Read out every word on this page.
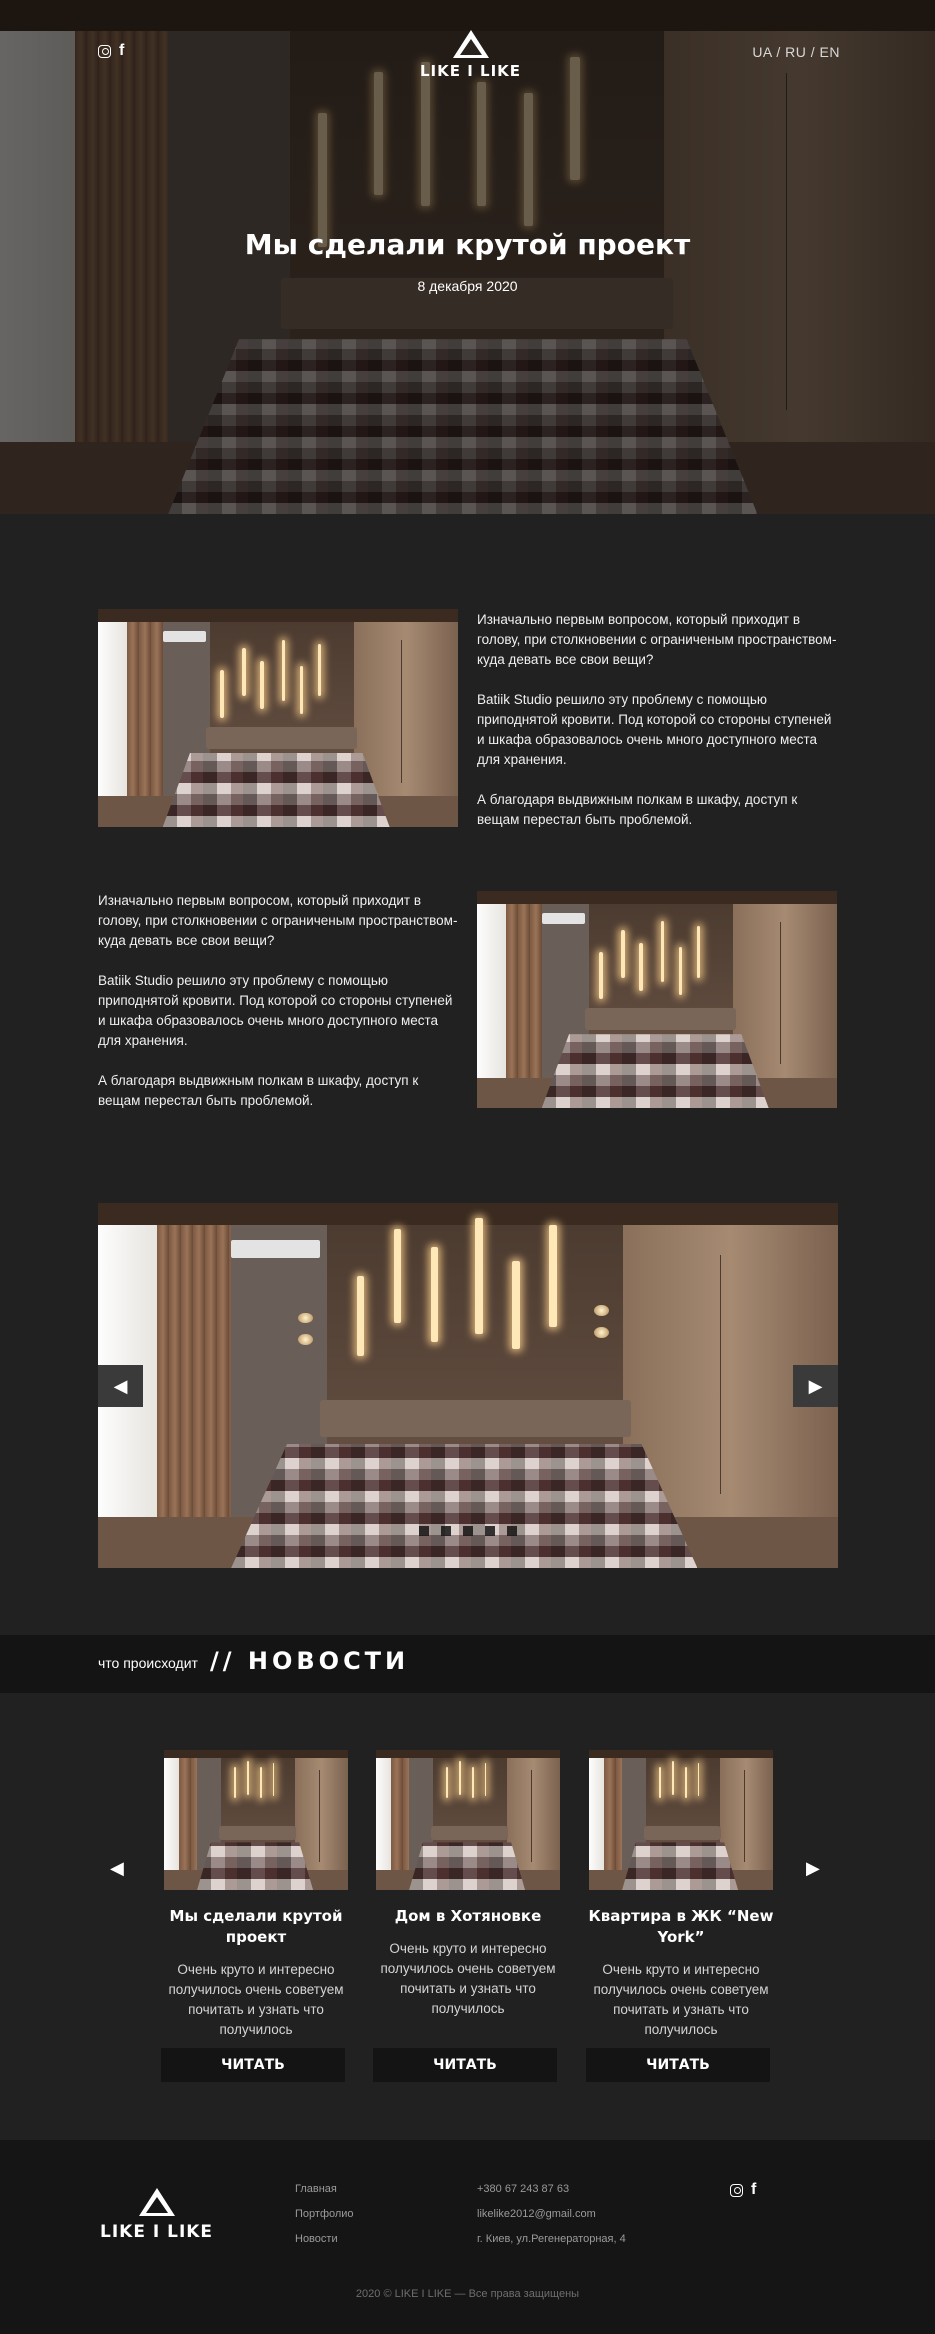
f
LIKE I LIKE
UA / RU / EN
Мы сделали крутой проект
8 декабря 2020

Изначально первым вопросом, который приходит в голову, при столкновении с ограниченым пространством-куда девать все свои вещи?

Batiik Studio решило эту проблему с помощью приподнятой кровити. Под которой со стороны ступеней и шкафа образовалось очень много доступного места для хранения.

А благодаря выдвижным полкам в шкафу, доступ к вещам перестал быть проблемой.

Изначально первым вопросом, который приходит в голову, при столкновении с ограниченым пространством-куда девать все свои вещи?

Batiik Studio решило эту проблему с помощью приподнятой кровити. Под которой со стороны ступеней и шкафа образовалось очень много доступного места для хранения.

А благодаря выдвижным полкам в шкафу, доступ к вещам перестал быть проблемой.

◀	▶
что происходит // НОВОСТИ
◀	▶
Мы сделали крутой проект

Очень круто и интересно получилось очень советуем почитать и узнать что получилось

ЧИТАТЬ
Дом в Хотяновке

Очень круто и интересно получилось очень советуем почитать и узнать что получилось

ЧИТАТЬ
Квартира в ЖК “New York”

Очень круто и интересно получилось очень советуем почитать и узнать что получилось

ЧИТАТЬ
LIKE I LIKE
Главная
Портфолио
Новости
+380 67 243 87 63
likelike2012@gmail.com
г. Киев, ул.Регенераторная, 4
f
2020 © LIKE I LIKE — Все права защищены
